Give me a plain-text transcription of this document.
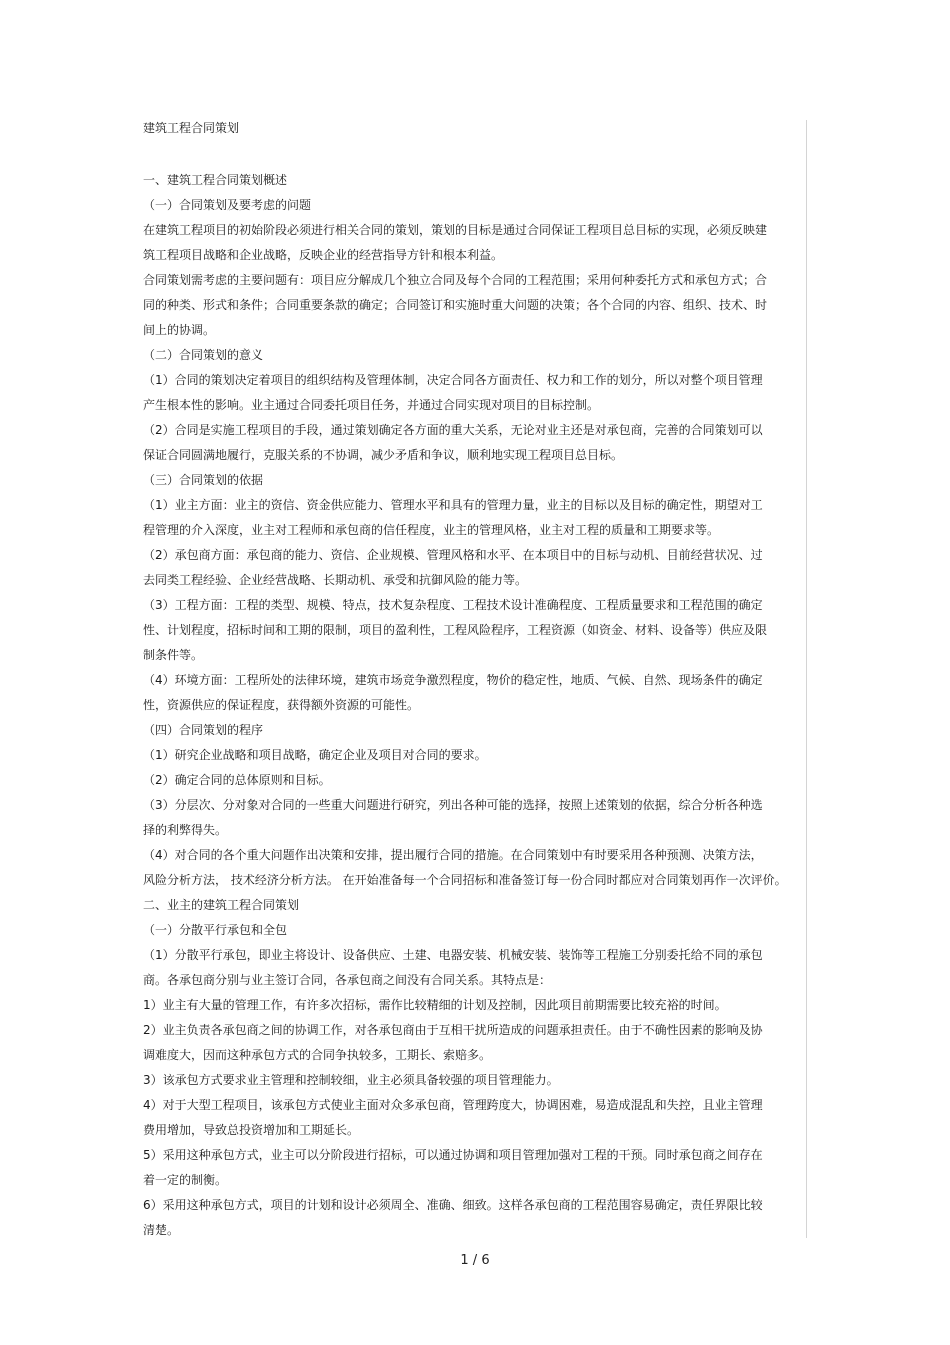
建筑工程合同策划

一、建筑工程合同策划概述

（一）合同策划及要考虑的问题

在建筑工程项目的初始阶段必须进行相关合同的策划，策划的目标是通过合同保证工程项目总目标的实现，必须反映建
筑工程项目战略和企业战略，反映企业的经营指导方针和根本利益。

合同策划需考虑的主要问题有：项目应分解成几个独立合同及每个合同的工程范围；采用何种委托方式和承包方式；合
同的种类、形式和条件；合同重要条款的确定；合同签订和实施时重大问题的决策；各个合同的内容、组织、技术、时
间上的协调。

（二）合同策划的意义

（1）合同的策划决定着项目的组织结构及管理体制，决定合同各方面责任、权力和工作的划分，所以对整个项目管理
产生根本性的影响。业主通过合同委托项目任务，并通过合同实现对项目的目标控制。

（2）合同是实施工程项目的手段，通过策划确定各方面的重大关系，无论对业主还是对承包商，完善的合同策划可以
保证合同圆满地履行，克服关系的不协调，减少矛盾和争议，顺利地实现工程项目总目标。

（三）合同策划的依据

（1）业主方面：业主的资信、资金供应能力、管理水平和具有的管理力量，业主的目标以及目标的确定性，期望对工
程管理的介入深度，业主对工程师和承包商的信任程度，业主的管理风格，业主对工程的质量和工期要求等。

（2）承包商方面：承包商的能力、资信、企业规模、管理风格和水平、在本项目中的目标与动机、目前经营状况、过
去同类工程经验、企业经营战略、长期动机、承受和抗御风险的能力等。

（3）工程方面：工程的类型、规模、特点，技术复杂程度、工程技术设计准确程度、工程质量要求和工程范围的确定
性、计划程度，招标时间和工期的限制，项目的盈利性，工程风险程序，工程资源（如资金、材料、设备等）供应及限
制条件等。

（4）环境方面：工程所处的法律环境，建筑市场竞争激烈程度，物价的稳定性，地质、气候、自然、现场条件的确定
性，资源供应的保证程度，获得额外资源的可能性。

（四）合同策划的程序

（1）研究企业战略和项目战略，确定企业及项目对合同的要求。

（2）确定合同的总体原则和目标。

（3）分层次、分对象对合同的一些重大问题进行研究，列出各种可能的选择，按照上述策划的依据，综合分析各种选
择的利弊得失。

（4）对合同的各个重大问题作出决策和安排，提出履行合同的措施。在合同策划中有时要采用各种预测、决策方法，
风险分析方法， 技术经济分析方法。 在开始准备每一个合同招标和准备签订每一份合同时都应对合同策划再作一次评价。

二、业主的建筑工程合同策划

（一）分散平行承包和全包

（1）分散平行承包，即业主将设计、设备供应、土建、电器安装、机械安装、装饰等工程施工分别委托给不同的承包
商。各承包商分别与业主签订合同，各承包商之间没有合同关系。其特点是：

1）业主有大量的管理工作，有许多次招标，需作比较精细的计划及控制，因此项目前期需要比较充裕的时间。

2）业主负责各承包商之间的协调工作，对各承包商由于互相干扰所造成的问题承担责任。由于不确性因素的影响及协
调难度大，因而这种承包方式的合同争执较多，工期长、索赔多。

3）该承包方式要求业主管理和控制较细，业主必须具备较强的项目管理能力。

4）对于大型工程项目，该承包方式使业主面对众多承包商，管理跨度大，协调困难，易造成混乱和失控，且业主管理
费用增加，导致总投资增加和工期延长。

5）采用这种承包方式，业主可以分阶段进行招标，可以通过协调和项目管理加强对工程的干预。同时承包商之间存在
着一定的制衡。

6）采用这种承包方式，项目的计划和设计必须周全、准确、细致。这样各承包商的工程范围容易确定，责任界限比较
清楚。

1 / 6
